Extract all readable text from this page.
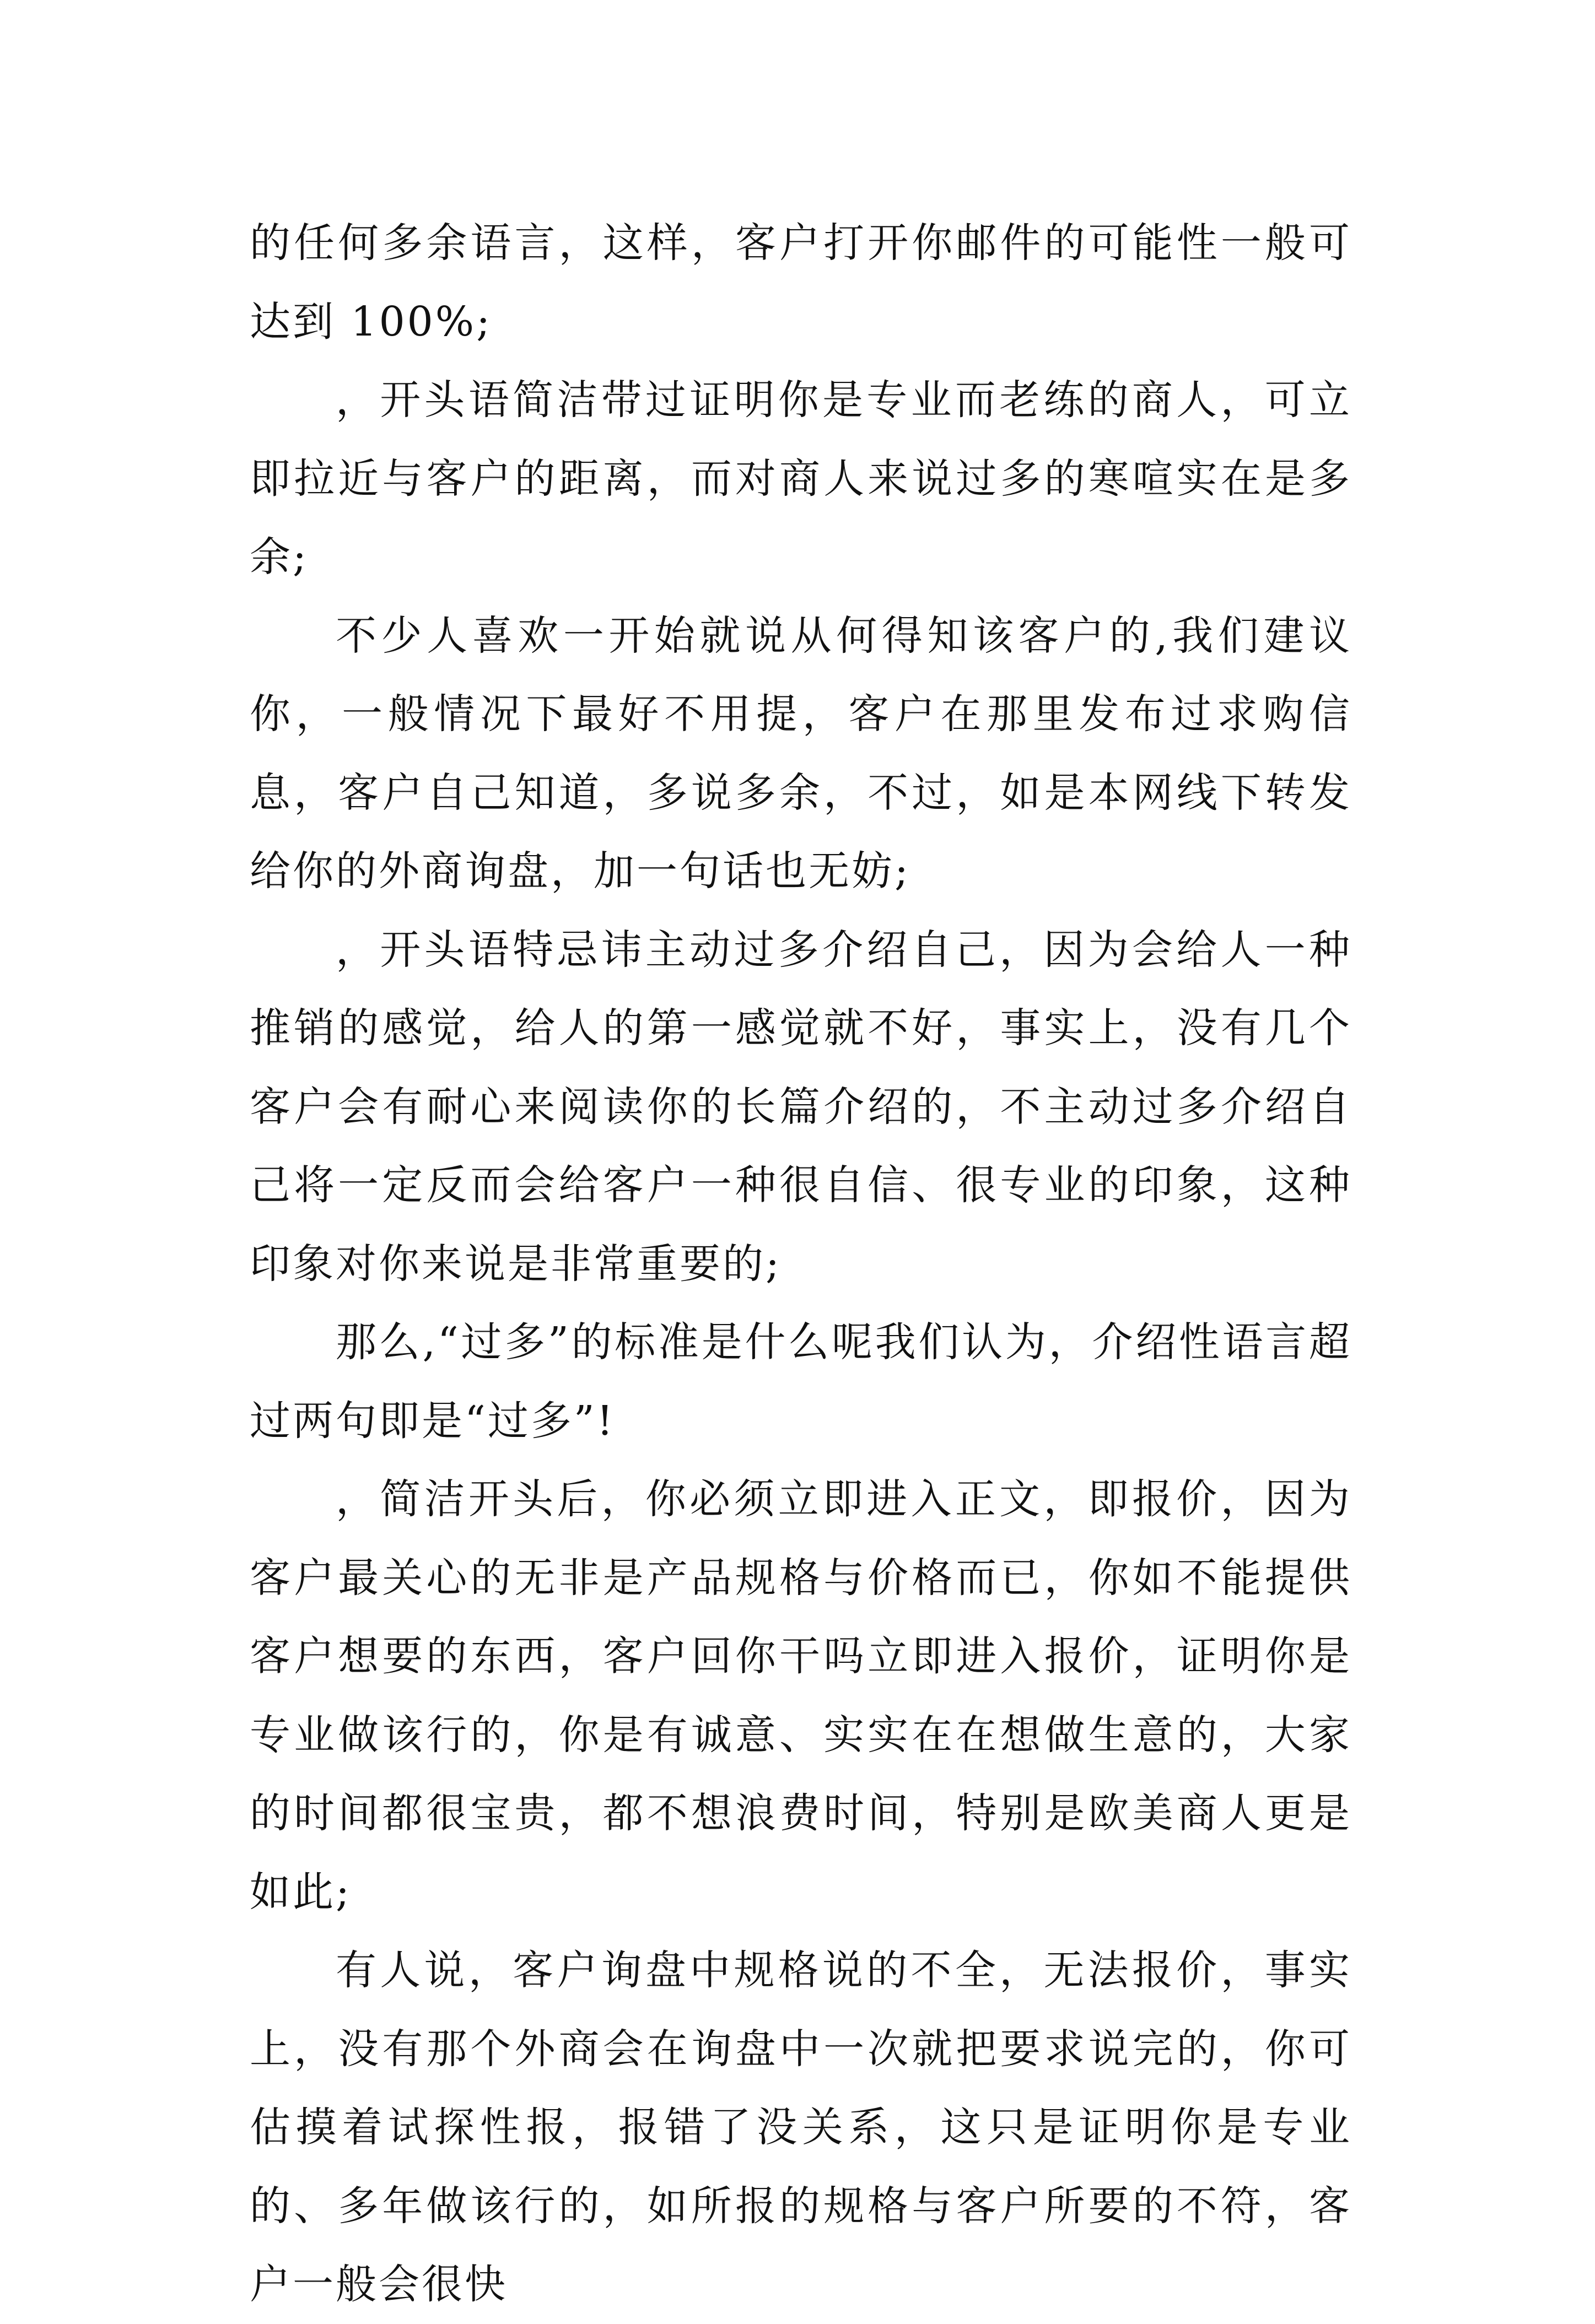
的任何多余语言，这样，客户打开你邮件的可能性一般可达到 100%;

，开头语简洁带过证明你是专业而老练的商人，可立即拉近与客户的距离，而对商人来说过多的寒喧实在是多余;

不少人喜欢一开始就说从何得知该客户的,我们建议你，一般情况下最好不用提，客户在那里发布过求购信息，客户自己知道，多说多余，不过，如是本网线下转发给你的外商询盘，加一句话也无妨;

，开头语特忌讳主动过多介绍自己，因为会给人一种推销的感觉，给人的第一感觉就不好，事实上，没有几个客户会有耐心来阅读你的长篇介绍的，不主动过多介绍自己将一定反而会给客户一种很自信、很专业的印象，这种印象对你来说是非常重要的;

那么,“过多”的标准是什么呢我们认为，介绍性语言超过两句即是“过多”!

，简洁开头后，你必须立即进入正文，即报价，因为客户最关心的无非是产品规格与价格而已，你如不能提供客户想要的东西，客户回你干吗立即进入报价，证明你是专业做该行的，你是有诚意、实实在在想做生意的，大家的时间都很宝贵，都不想浪费时间，特别是欧美商人更是如此;

有人说，客户询盘中规格说的不全，无法报价，事实上，没有那个外商会在询盘中一次就把要求说完的，你可估摸着试探性报，报错了没关系，这只是证明你是专业的、多年做该行的，如所报的规格与客户所要的不符，客户一般会很快
